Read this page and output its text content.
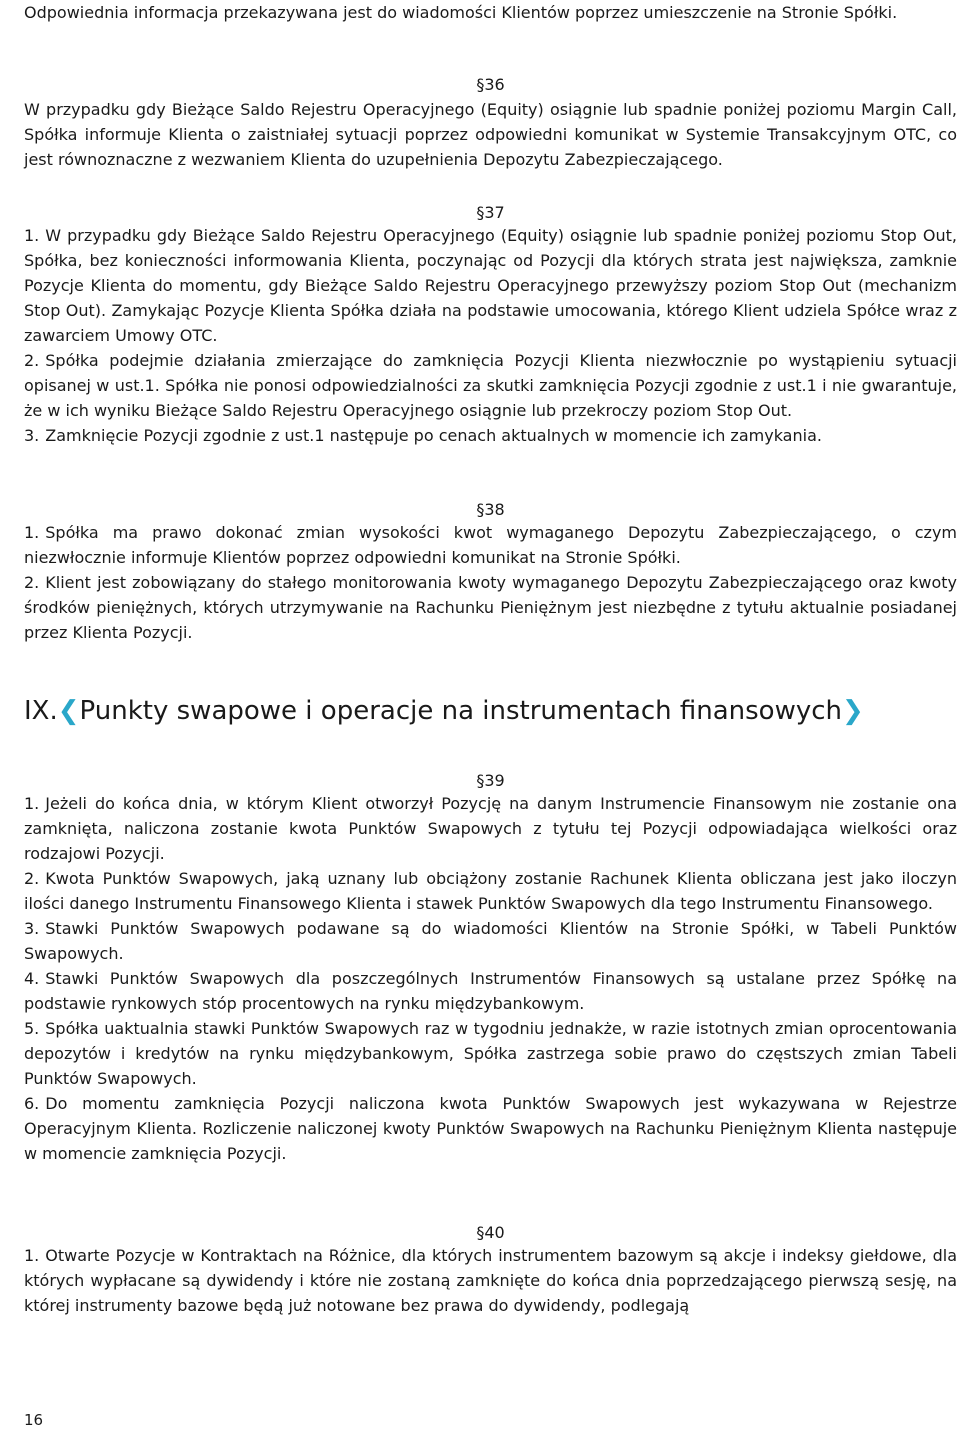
Odpowiednia informacja przekazywana jest do wiadomości Klientów poprzez umieszczenie na Stronie Spółki.

§36

W przypadku gdy Bieżące Saldo Rejestru Operacyjnego (Equity) osiągnie lub spadnie poniżej poziomu Margin Call, Spółka informuje Klienta o zaistniałej sytuacji poprzez odpowiedni komunikat w Systemie Transakcyjnym OTC, co jest równoznaczne z wezwaniem Klienta do uzupełnienia Depozytu Zabezpieczającego.

§37

1. W przypadku gdy Bieżące Saldo Rejestru Operacyjnego (Equity) osiągnie lub spadnie poniżej poziomu Stop Out, Spółka, bez konieczności informowania Klienta, poczynając od Pozycji dla których strata jest największa, zamknie Pozycje Klienta do momentu, gdy Bieżące Saldo Rejestru Operacyjnego przewyższy poziom Stop Out (mechanizm Stop Out). Zamykając Pozycje Klienta Spółka działa na podstawie umocowania, którego Klient udziela Spółce wraz z zawarciem Umowy OTC.

2. Spółka podejmie działania zmierzające do zamknięcia Pozycji Klienta niezwłocznie po wystąpieniu sytuacji opisanej w ust.1. Spółka nie ponosi odpowiedzialności za skutki zamknięcia Pozycji zgodnie z ust.1 i nie gwarantuje, że w ich wyniku Bieżące Saldo Rejestru Operacyjnego osiągnie lub przekroczy poziom Stop Out.

3. Zamknięcie Pozycji zgodnie z ust.1 następuje po cenach aktualnych w momencie ich zamykania.

§38

1. Spółka ma prawo dokonać zmian wysokości kwot wymaganego Depozytu Zabezpieczającego, o czym niezwłocznie informuje Klientów poprzez odpowiedni komunikat na Stronie Spółki.

2. Klient jest zobowiązany do stałego monitorowania kwoty wymaganego Depozytu Zabezpieczającego oraz kwoty środków pieniężnych, których utrzymywanie na Rachunku Pieniężnym jest niezbędne z tytułu aktualnie posiadanej przez Klienta Pozycji.

IX.❮Punkty swapowe i operacje na instrumentach finansowych❯

§39

1. Jeżeli do końca dnia, w którym Klient otworzył Pozycję na danym Instrumencie Finansowym nie zostanie ona zamknięta, naliczona zostanie kwota Punktów Swapowych z tytułu tej Pozycji odpowiadająca wielkości oraz rodzajowi Pozycji.

2. Kwota Punktów Swapowych, jaką uznany lub obciążony zostanie Rachunek Klienta obliczana jest jako iloczyn ilości danego Instrumentu Finansowego Klienta i stawek Punktów Swapowych dla tego Instrumentu Finansowego.

3. Stawki Punktów Swapowych podawane są do wiadomości Klientów na Stronie Spółki, w Tabeli Punktów Swapowych.

4. Stawki Punktów Swapowych dla poszczególnych Instrumentów Finansowych są ustalane przez Spółkę na podstawie rynkowych stóp procentowych na rynku międzybankowym.

5. Spółka uaktualnia stawki Punktów Swapowych raz w tygodniu jednakże, w razie istotnych zmian oprocentowania depozytów i kredytów na rynku międzybankowym, Spółka zastrzega sobie prawo do częstszych zmian Tabeli Punktów Swapowych.

6. Do momentu zamknięcia Pozycji naliczona kwota Punktów Swapowych jest wykazywana w Rejestrze Operacyjnym Klienta. Rozliczenie naliczonej kwoty Punktów Swapowych na Rachunku Pieniężnym Klienta następuje w momencie zamknięcia Pozycji.

§40

1. Otwarte Pozycje w Kontraktach na Różnice, dla których instrumentem bazowym są akcje i indeksy giełdowe, dla których wypłacane są dywidendy i które nie zostaną zamknięte do końca dnia poprzedzającego pierwszą sesję, na której instrumenty bazowe będą już notowane bez prawa do dywidendy, podlegają

16
